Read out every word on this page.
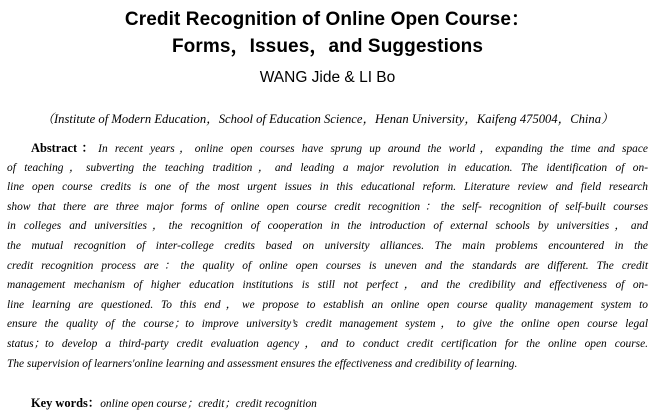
Credit Recognition of Online Open Course：
Forms，Issues，and Suggestions
WANG Jide & LI Bo
（Institute of Modern Education，School of Education Science，Henan University，Kaifeng 475004，China）
Abstract：In recent years，online open courses have sprung up around the world，expanding the time and space
of teaching，subverting the teaching tradition，and leading a major revolution in education. The identification of on-
line open course credits is one of the most urgent issues in this educational reform. Literature review and field research
show that there are three major forms of online open course credit recognition：the self- recognition of self-built courses
in colleges and universities，the recognition of cooperation in the introduction of external schools by universities，and
the mutual recognition of inter-college credits based on university alliances. The main problems encountered in the
credit recognition process are：the quality of online open courses is uneven and the standards are different. The credit
management mechanism of higher education institutions is still not perfect，and the credibility and effectiveness of on-
line learning are questioned. To this end，we propose to establish an online open course quality management system to
ensure the quality of the course；to improve university’s credit management system，to give the online open course legal
status；to develop a third-party credit evaluation agency，and to conduct credit certification for the online open course.
The supervision of learners′online learning and assessment ensures the effectiveness and credibility of learning.
Key words：online open course；credit；credit recognition
